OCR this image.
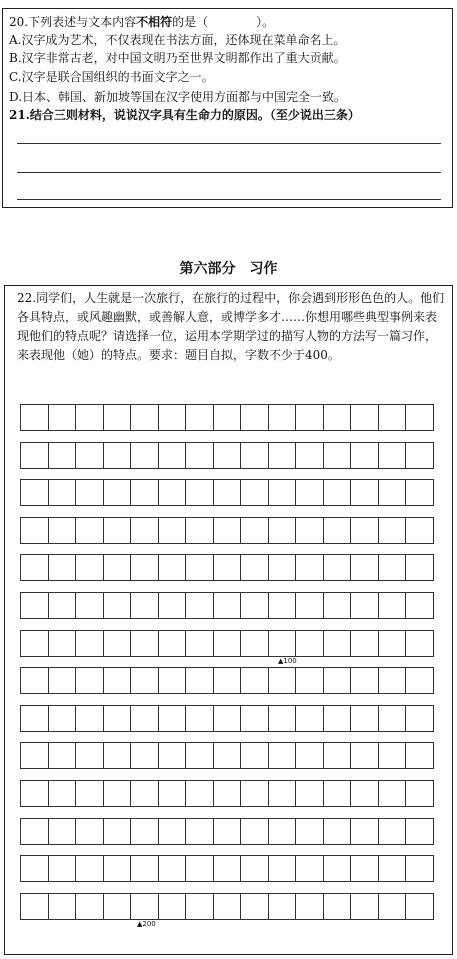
20.下列表述与文本内容不相符的是（　　　　）。
A.汉字成为艺术，不仅表现在书法方面，还体现在菜单命名上。
B.汉字非常古老，对中国文明乃至世界文明都作出了重大贡献。
C.汉字是联合国组织的书面文字之一。
D.日本、韩国、新加坡等国在汉字使用方面都与中国完全一致。
21.结合三则材料，说说汉字具有生命力的原因。（至少说出三条）
第六部分　习作
22.同学们，人生就是一次旅行，在旅行的过程中，你会遇到形形色色的人。他们各具特点，或风趣幽默，或善解人意，或博学多才……你想用哪些典型事例来表现他们的特点呢？请选择一位，运用本学期学过的描写人物的方法写一篇习作，来表现他（她）的特点。要求：题目自拟，字数不少于400。
▲100
▲200
